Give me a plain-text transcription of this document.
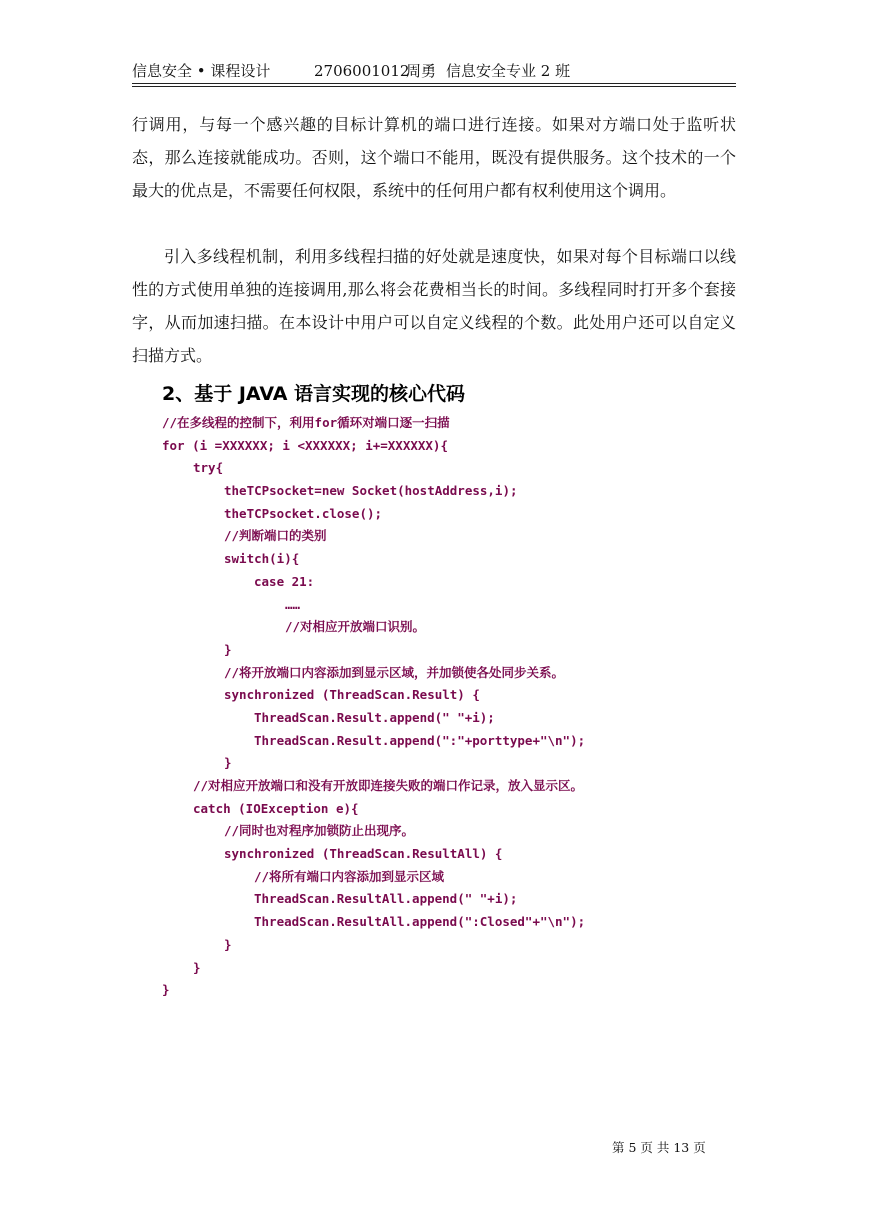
信息安全 • 课程设计	2706001012周勇 信息安全专业 2 班
行调用，与每一个感兴趣的目标计算机的端口进行连接。如果对方端口处于监听状态，那么连接就能成功。否则，这个端口不能用，既没有提供服务。这个技术的一个最大的优点是，不需要任何权限，系统中的任何用户都有权利使用这个调用。
引入多线程机制，利用多线程扫描的好处就是速度快，如果对每个目标端口以线性的方式使用单独的连接调用,那么将会花费相当长的时间。多线程同时打开多个套接字，从而加速扫描。在本设计中用户可以自定义线程的个数。此处用户还可以自定义扫描方式。
2、基于 JAVA 语言实现的核心代码
//在多线程的控制下，利用for循环对端口逐一扫描
for (i =XXXXXX; i <XXXXXX; i+=XXXXXX){
try{
theTCPsocket=new Socket(hostAddress,i);
theTCPsocket.close();
//判断端口的类别
switch(i){
case 21:
……
//对相应开放端口识别。
}
//将开放端口内容添加到显示区域，并加锁使各处同步关系。
synchronized (ThreadScan.Result) {
ThreadScan.Result.append(" "+i);
ThreadScan.Result.append(":"+porttype+"\n");
}
//对相应开放端口和没有开放即连接失败的端口作记录，放入显示区。
catch (IOException e){
//同时也对程序加锁防止出现序。
synchronized (ThreadScan.ResultAll) {
//将所有端口内容添加到显示区域
ThreadScan.ResultAll.append(" "+i);
ThreadScan.ResultAll.append(":Closed"+"\n");
}
}
}
第 5 页 共 13 页
